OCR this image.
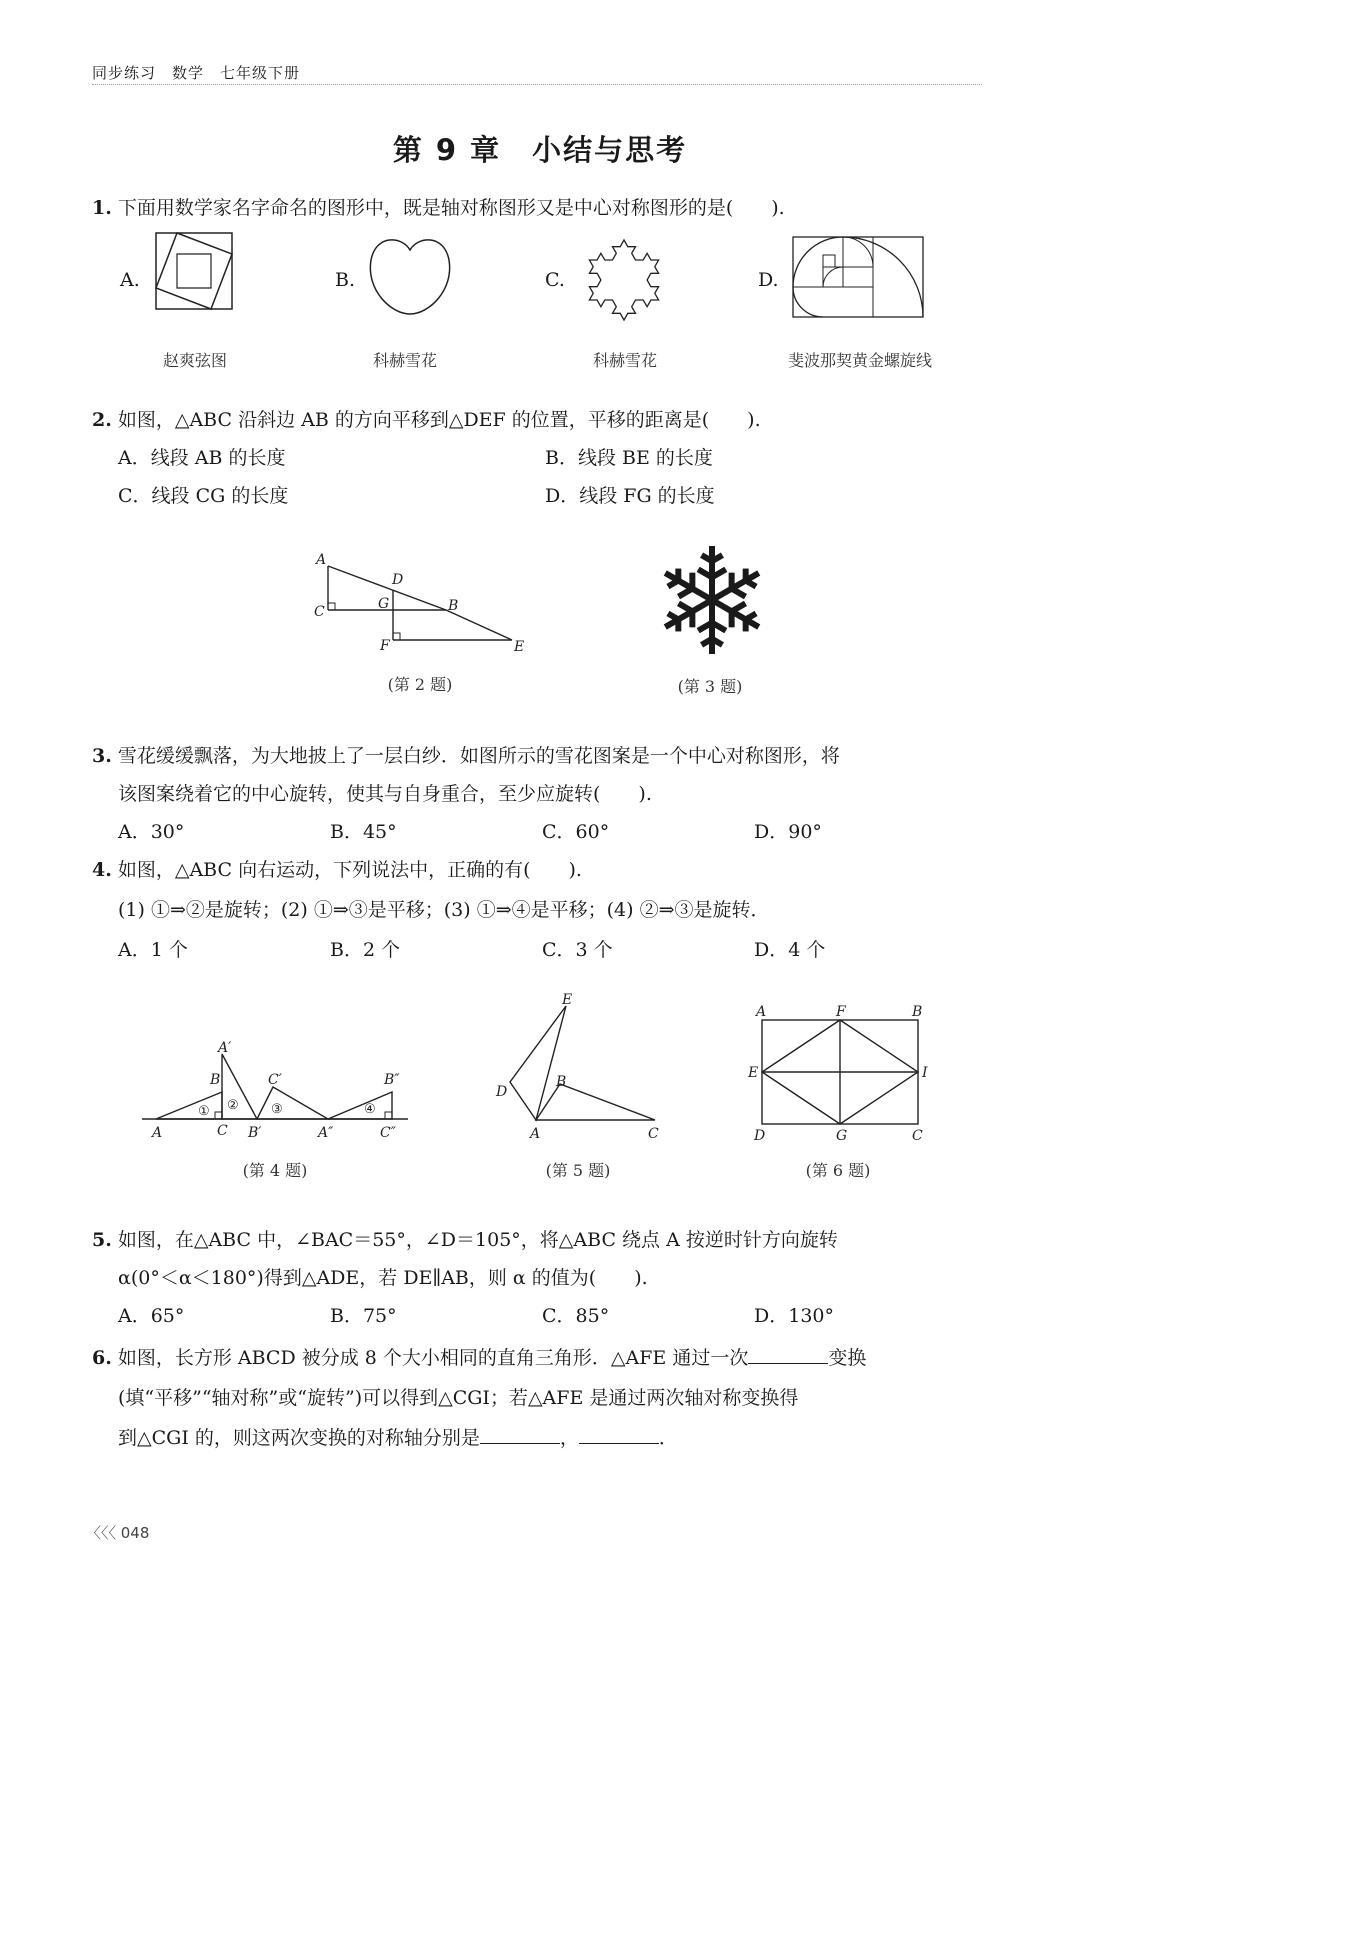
同步练习　数学　七年级下册
第 9 章　小结与思考
1. 下面用数学家名字命名的图形中，既是轴对称图形又是中心对称图形的是(　　).
A.
赵爽弦图
B.
科赫雪花
C.
科赫雪花
D.
斐波那契黄金螺旋线
2. 如图，△ABC 沿斜边 AB 的方向平移到△DEF 的位置，平移的距离是(　　).
A．线段 AB 的长度	B．线段 BE 的长度
C．线段 CG 的长度	D．线段 FG 的长度
A
C
D
G	B
F	E
(第 2 题)	(第 3 题)
3. 雪花缓缓飘落，为大地披上了一层白纱．如图所示的雪花图案是一个中心对称图形，将
该图案绕着它的中心旋转，使其与自身重合，至少应旋转(　　).
A．30°	B．45°	C．60°	D．90°
4. 如图，△ABC 向右运动，下列说法中，正确的有(　　).
(1) ①⇒②是旋转；(2) ①⇒③是平移；(3) ①⇒④是平移；(4) ②⇒③是旋转．
A．1 个	B．2 个	C．3 个	D．4 个
A	C
B
A′
B′
C′
A″
B″
C″
① ② ③	④
(第 4 题)
E
D
B
A	C
(第 5 题)
A	F	B
E	I
D	G	C
(第 6 题)
5. 如图，在△ABC 中，∠BAC＝55°，∠D＝105°，将△ABC 绕点 A 按逆时针方向旋转
α(0°＜α＜180°)得到△ADE，若 DE∥AB，则 α 的值为(　　).
A．65°	B．75°	C．85°	D．130°
6. 如图，长方形 ABCD 被分成 8 个大小相同的直角三角形．△AFE 通过一次	变换
(填“平移”“轴对称”或“旋转”)可以得到△CGI；若△AFE 是通过两次轴对称变换得
到△CGI 的，则这两次变换的对称轴分别是	，	．
〈〈〈 048
